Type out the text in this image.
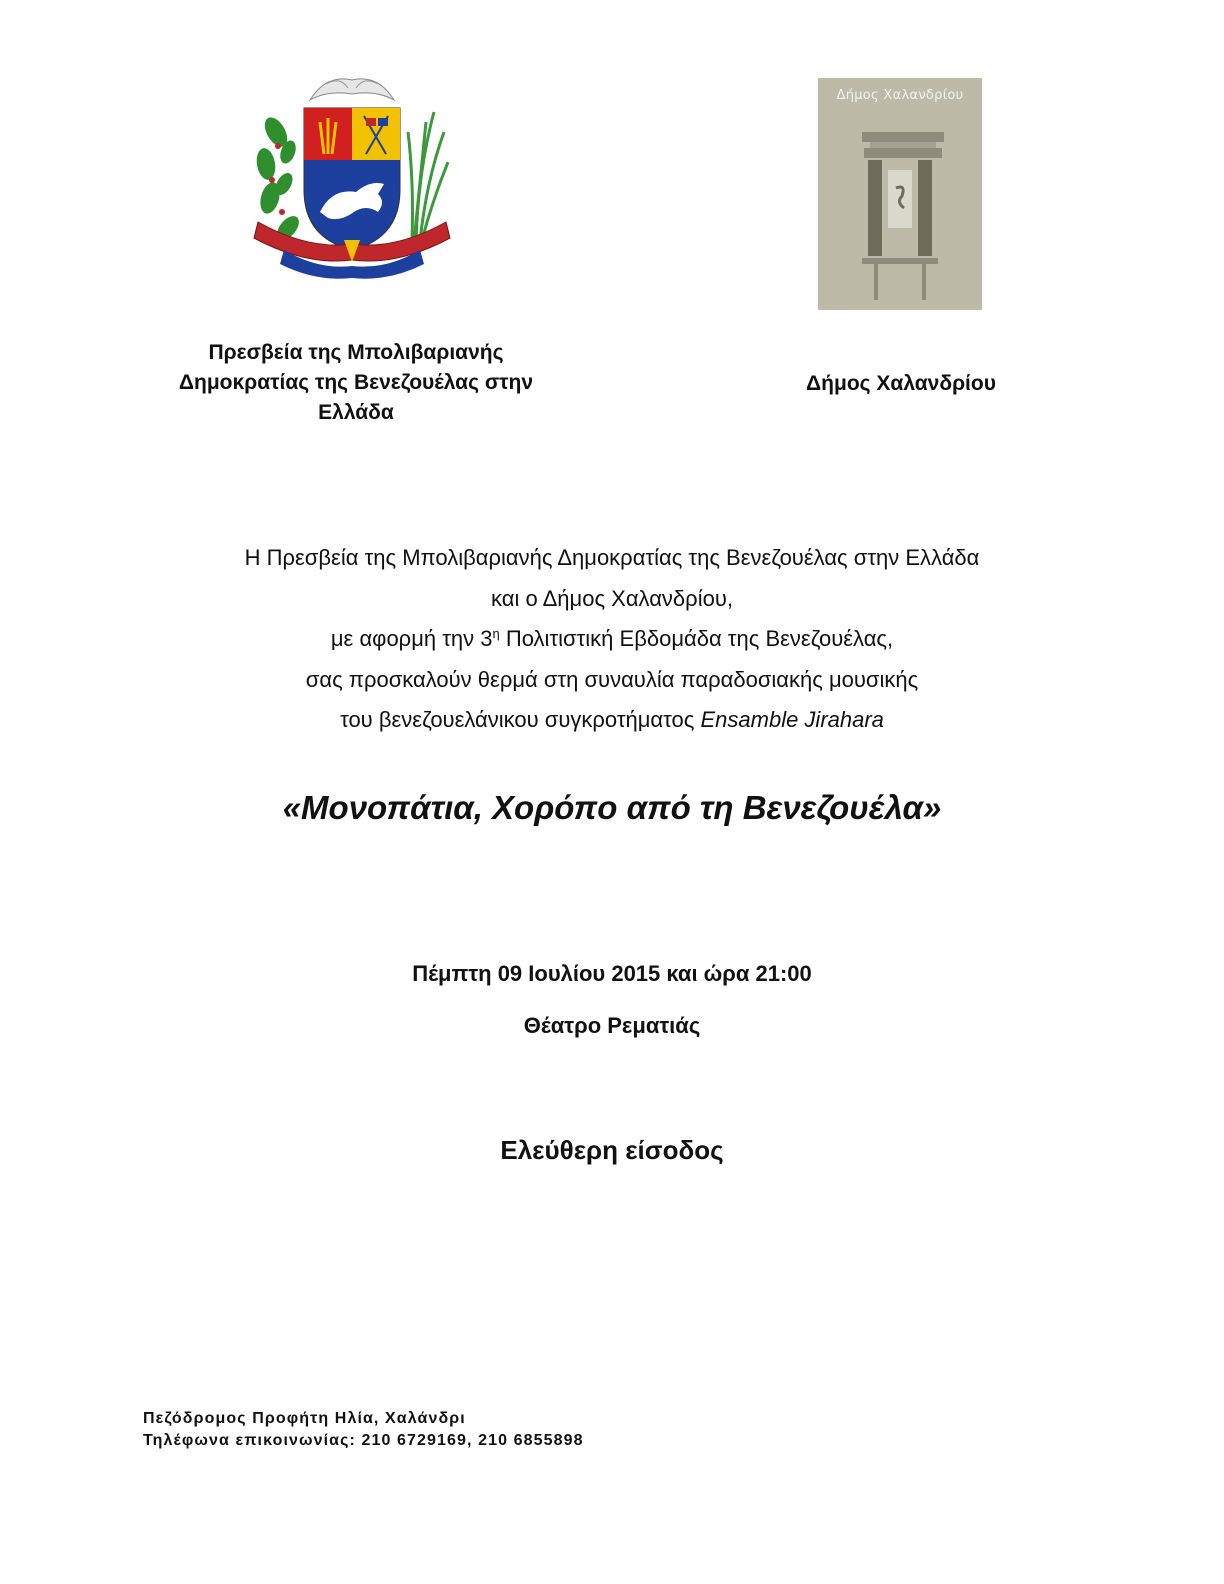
Δήμος Χαλανδρίου
Πρεσβεία της Μπολιβαριανής
Δημοκρατίας της Βενεζουέλας στην
Ελλάδα
Δήμος Χαλανδρίου
Η Πρεσβεία της Μπολιβαριανής Δημοκρατίας της Βενεζουέλας στην Ελλάδα
και ο Δήμος Χαλανδρίου,
με αφορμή την $3^\eta$ Πολιτιστική Εβδομάδα της Βενεζουέλας,
σας προσκαλούν θερμά στη συναυλία παραδοσιακής μουσικής
του βενεζουελάνικου συγκροτήματος Ensamble Jirahara
«Μονοπάτια, Χορόπο από τη Βενεζουέλα»
Πέμπτη 09 Ιουλίου 2015 και ώρα 21:00
Θέατρο Ρεματιάς
Ελεύθερη είσοδος
Πεζόδρομος Προφήτη Ηλία, Χαλάνδρι
Τηλέφωνα επικοινωνίας: 210 6729169, 210 6855898
